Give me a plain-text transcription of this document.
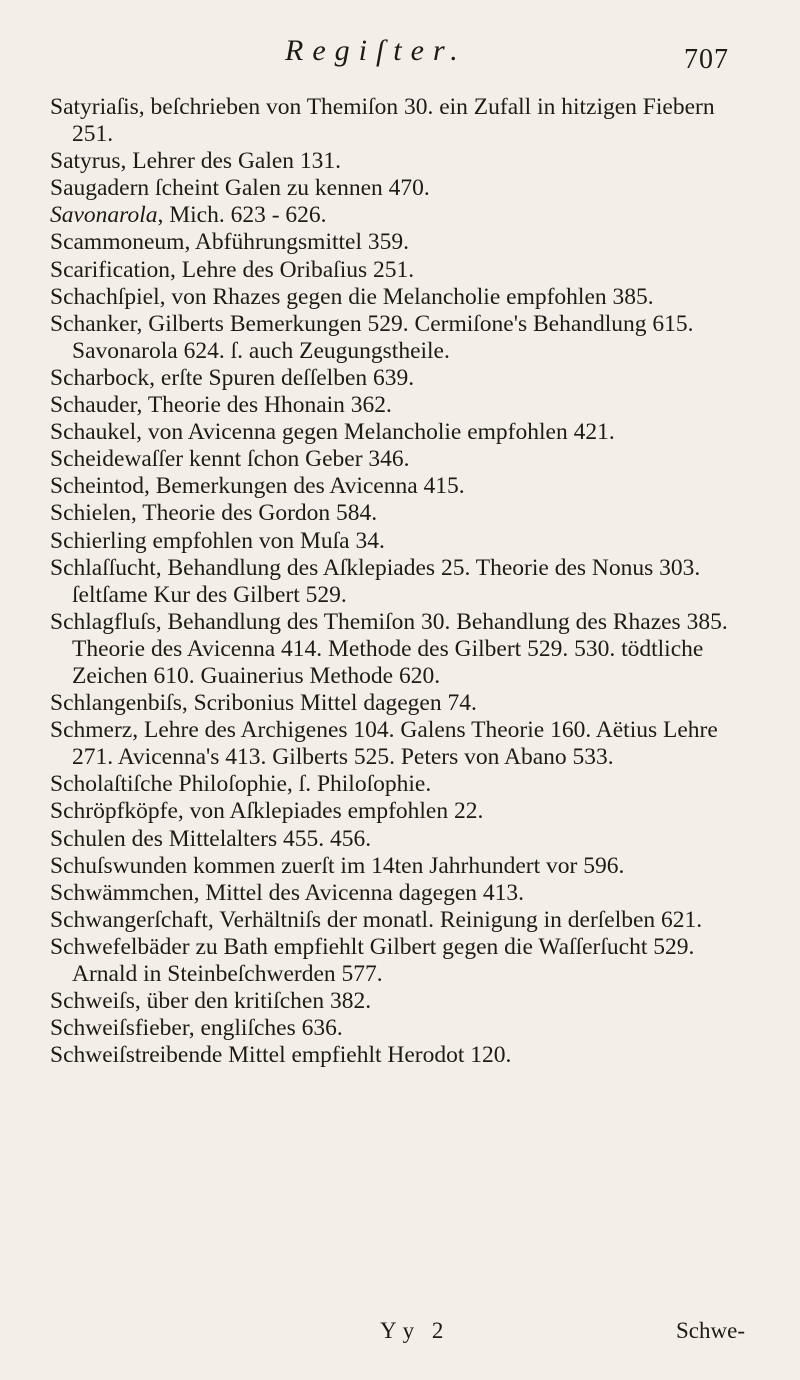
Regiſter.	707
Satyriaſis, beſchrieben von Themiſon 30. ein Zufall in hitzigen Fiebern 251.
Satyrus, Lehrer des Galen 131.
Saugadern ſcheint Galen zu kennen 470.
Savonarola, Mich. 623 - 626.
Scammoneum, Abführungsmittel 359.
Scarification, Lehre des Oribaſius 251.
Schachſpiel, von Rhazes gegen die Melancholie empfohlen 385.
Schanker, Gilberts Bemerkungen 529. Cermiſone's Behandlung 615. Savonarola 624. ſ. auch Zeugungstheile.
Scharbock, erſte Spuren deſſelben 639.
Schauder, Theorie des Hhonain 362.
Schaukel, von Avicenna gegen Melancholie empfohlen 421.
Scheidewaſſer kennt ſchon Geber 346.
Scheintod, Bemerkungen des Avicenna 415.
Schielen, Theorie des Gordon 584.
Schierling empfohlen von Muſa 34.
Schlaſſucht, Behandlung des Aſklepiades 25. Theorie des Nonus 303. ſeltſame Kur des Gilbert 529.
Schlagfluſs, Behandlung des Themiſon 30. Behandlung des Rhazes 385. Theorie des Avicenna 414. Methode des Gilbert 529. 530. tödtliche Zeichen 610. Guainerius Methode 620.
Schlangenbiſs, Scribonius Mittel dagegen 74.
Schmerz, Lehre des Archigenes 104. Galens Theorie 160. Aëtius Lehre 271. Avicenna's 413. Gilberts 525. Peters von Abano 533.
Scholaſtiſche Philoſophie, ſ. Philoſophie.
Schröpfköpfe, von Aſklepiades empfohlen 22.
Schulen des Mittelalters 455. 456.
Schuſswunden kommen zuerſt im 14ten Jahrhundert vor 596.
Schwämmchen, Mittel des Avicenna dagegen 413.
Schwangerſchaft, Verhältniſs der monatl. Reinigung in derſelben 621.
Schwefelbäder zu Bath empfiehlt Gilbert gegen die Waſſerſucht 529. Arnald in Steinbeſchwerden 577.
Schweiſs, über den kritiſchen 382.
Schweiſsfieber, engliſches 636.
Schweiſstreibende Mittel empfiehlt Herodot 120.
Yy 2	Schwe-
